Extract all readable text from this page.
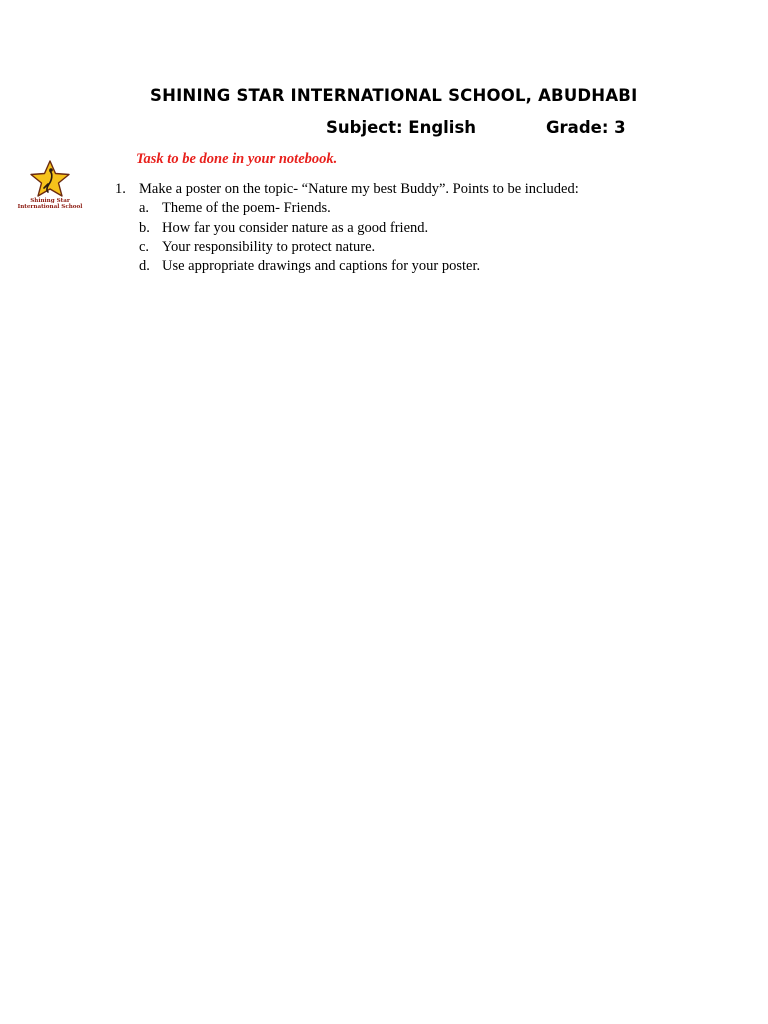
SHINING STAR INTERNATIONAL SCHOOL, ABUDHABI
Subject: English	Grade: 3
Shining Star
International School
Task to be done in your notebook.
1. Make a poster on the topic- “Nature my best Buddy”. Points to be included:
a. Theme of the poem- Friends.
b. How far you consider nature as a good friend.
c. Your responsibility to protect nature.
d. Use appropriate drawings and captions for your poster.
